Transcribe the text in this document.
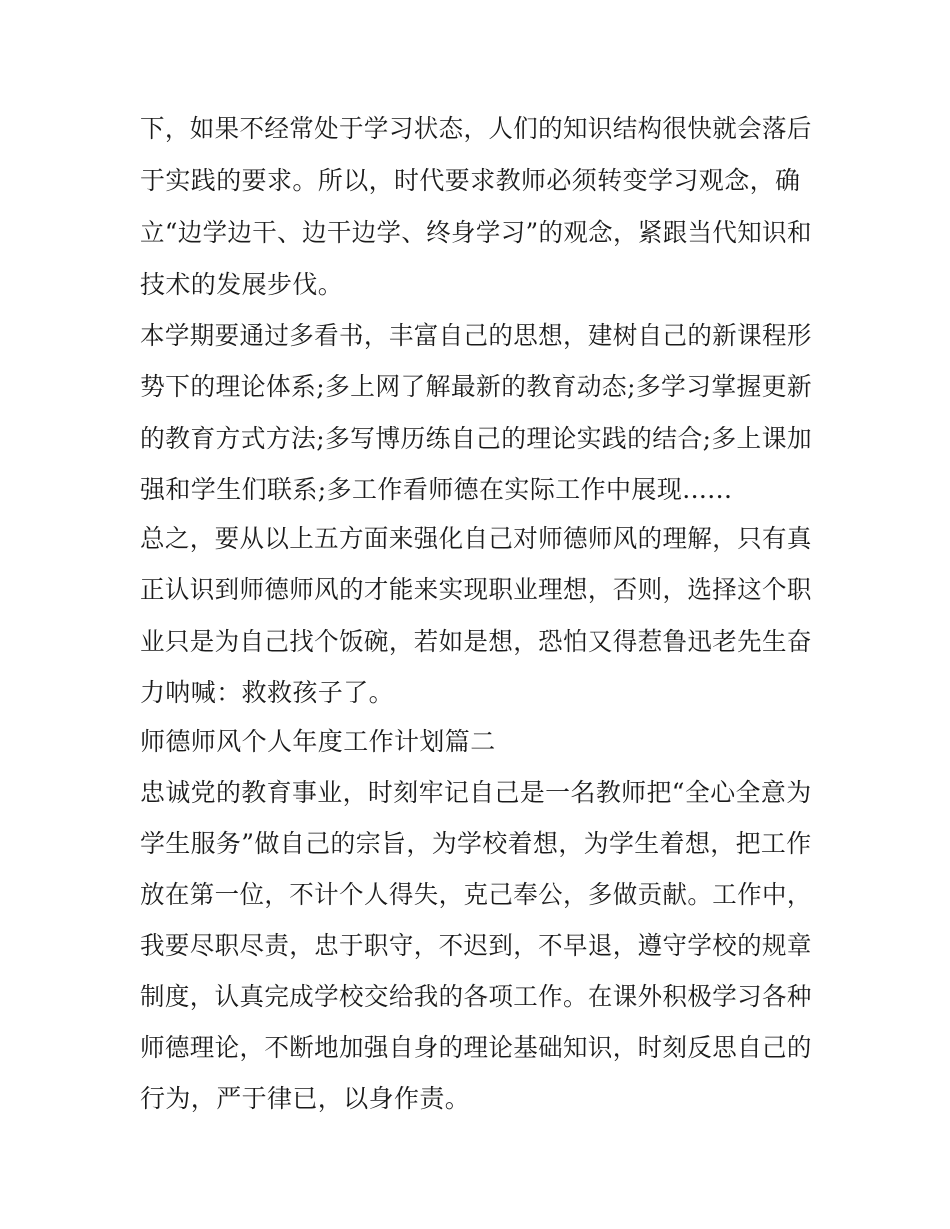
下，如果不经常处于学习状态，人们的知识结构很快就会落后
于实践的要求。所以，时代要求教师必须转变学习观念，确
立“边学边干、边干边学、终身学习”的观念，紧跟当代知识和
技术的发展步伐。
本学期要通过多看书，丰富自己的思想，建树自己的新课程形
势下的理论体系;多上网了解最新的教育动态;多学习掌握更新
的教育方式方法;多写博历练自己的理论实践的结合;多上课加
强和学生们联系;多工作看师德在实际工作中展现......
总之，要从以上五方面来强化自己对师德师风的理解，只有真
正认识到师德师风的才能来实现职业理想，否则，选择这个职
业只是为自己找个饭碗，若如是想，恐怕又得惹鲁迅老先生奋
力呐喊：救救孩子了。
师德师风个人年度工作计划篇二
忠诚党的教育事业，时刻牢记自己是一名教师把“全心全意为
学生服务”做自己的宗旨，为学校着想，为学生着想，把工作
放在第一位，不计个人得失，克己奉公，多做贡献。工作中，
我要尽职尽责，忠于职守，不迟到，不早退，遵守学校的规章
制度，认真完成学校交给我的各项工作。在课外积极学习各种
师德理论，不断地加强自身的理论基础知识，时刻反思自己的
行为，严于律已，以身作责。
